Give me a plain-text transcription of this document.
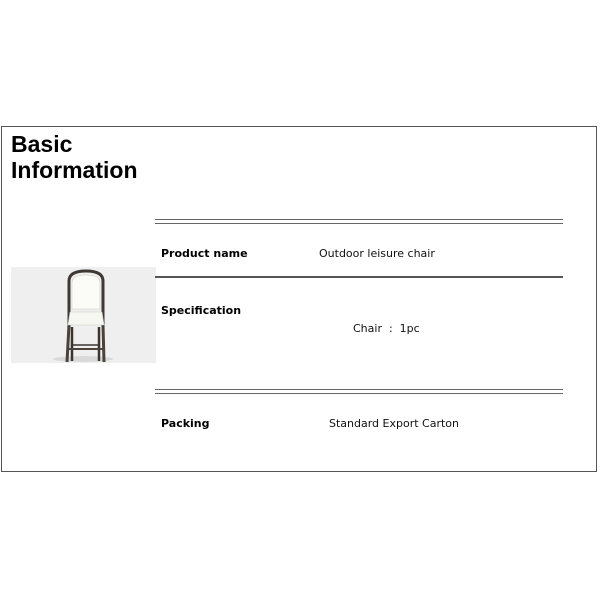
Basic
Information
Product name	Outdoor leisure chair
Specification
Chair  :  1pc
Packing	Standard Export Carton
